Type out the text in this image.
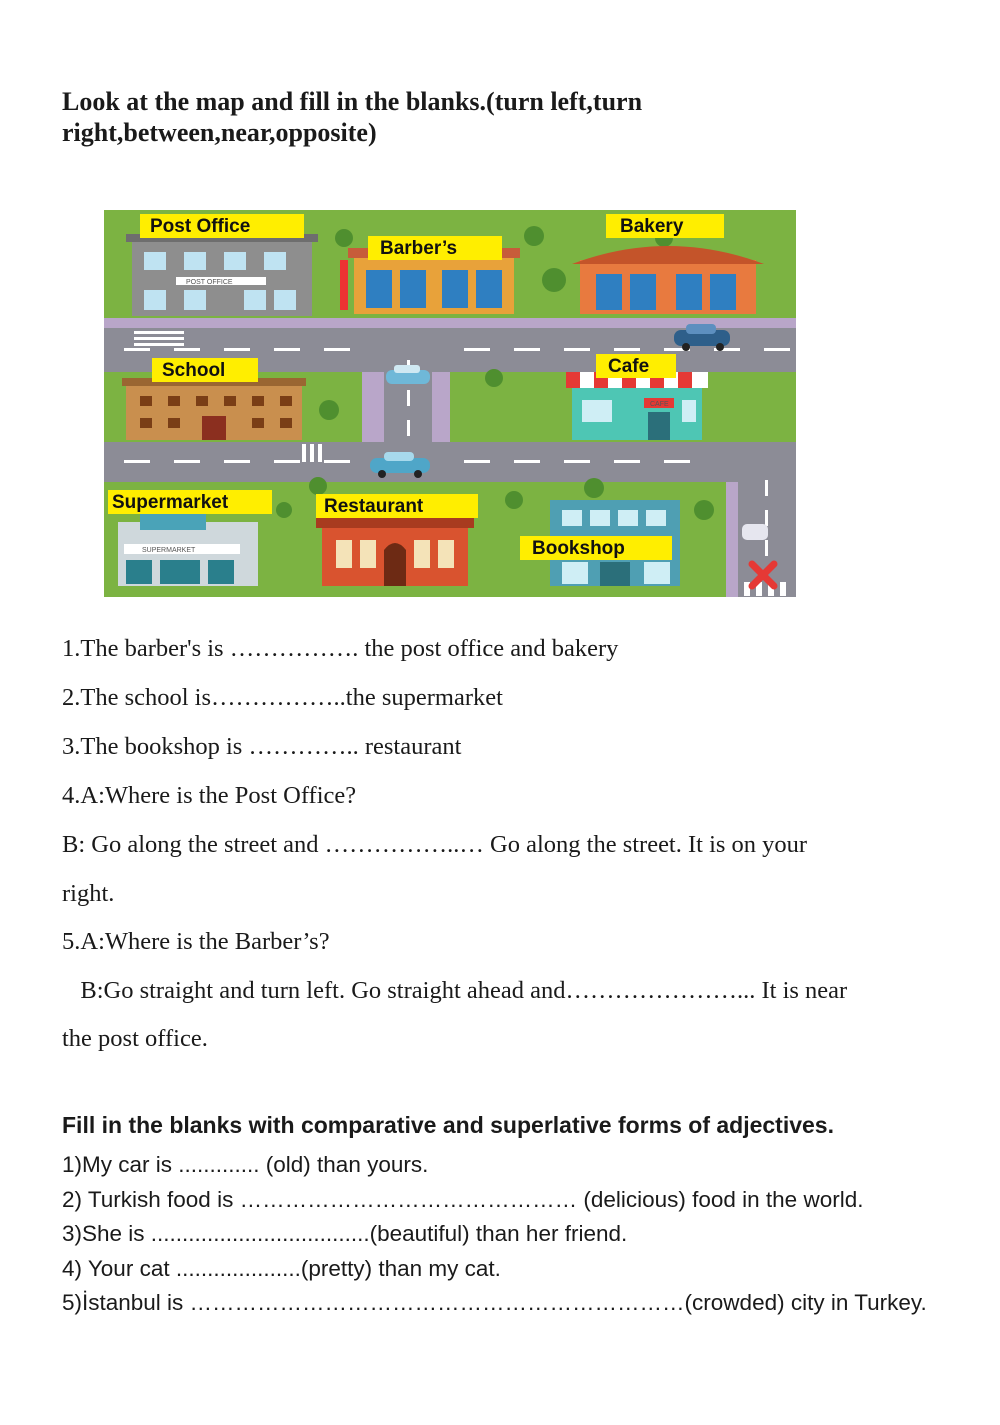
Look at the map and fill in the blanks.(turn left,turn right,between,near,opposite)
POST OFFICE
Post Office
Barber’s
Bakery
School
CAFE
Cafe
SUPERMARKET
Supermarket	Restaurant
Bookshop
1.The barber's is ……………. the post office and bakery
2.The school is……………..the supermarket
3.The bookshop is ………….. restaurant
4.A:Where is the Post Office?
B: Go along the street and ……………..… Go along the street. It is on your
right.
5.A:Where is the Barber’s?
B:Go straight and turn left. Go straight ahead and…………………... It is near
the post office.
Fill in the blanks with comparative and superlative forms of adjectives.
1)My car is ............. (old) than yours.
2) Turkish food is ……………………………………… (delicious) food in the world.
3)She is ...................................(beautiful) than her friend.
4) Your cat ....................(pretty) than my cat.
5)İstanbul is …………………………………………………………(crowded) city in Turkey.
